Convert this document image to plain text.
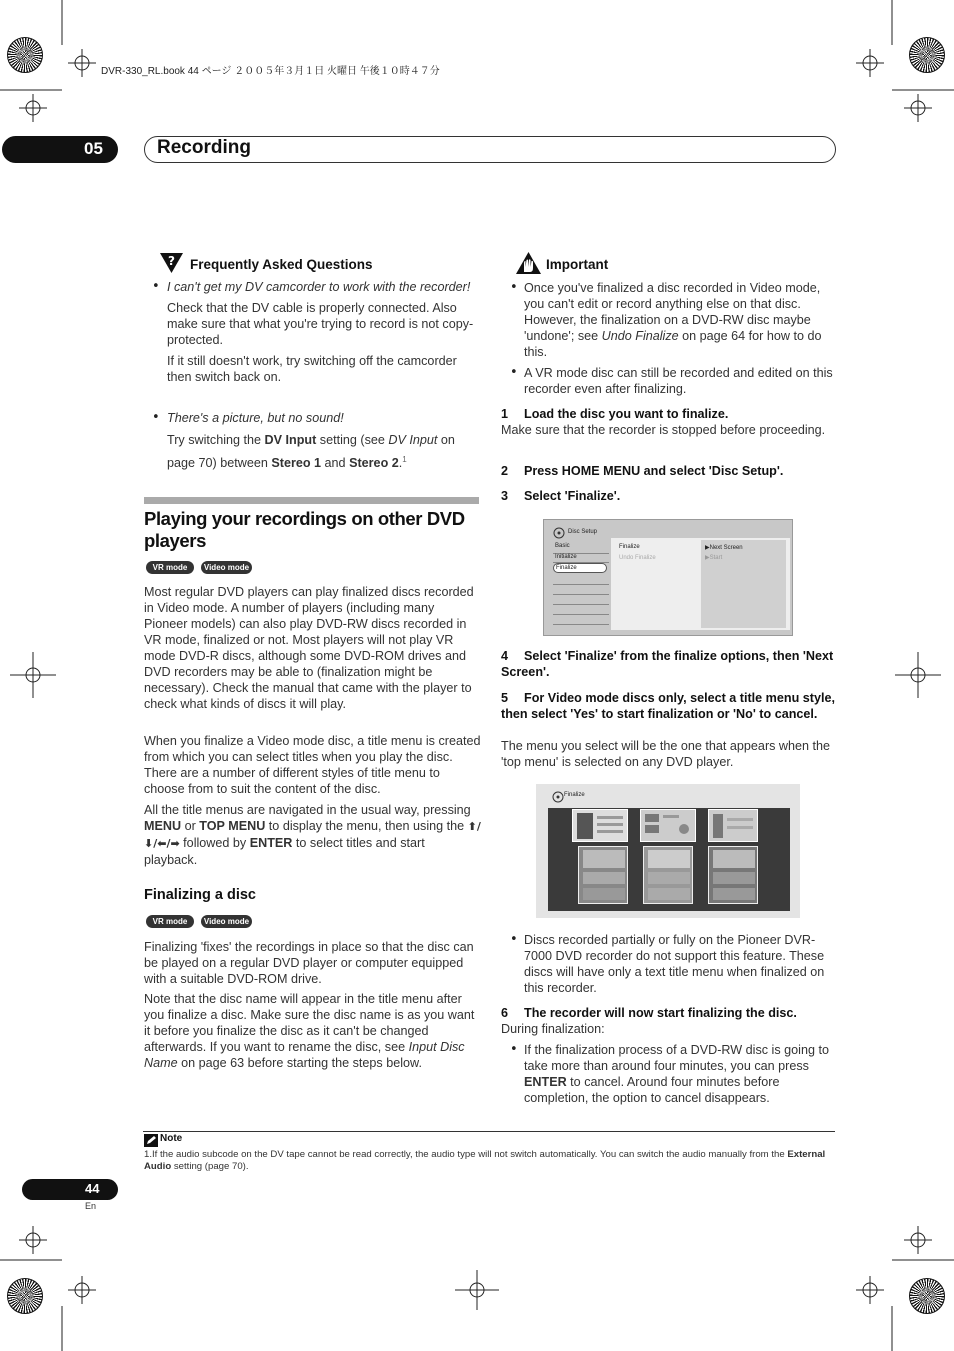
DVR-330_RL.book 44 ページ ２００５年３月１日 火曜日 午後１０時４７分
05	Recording
? Frequently Asked Questions
• I can't get my DV camcorder to work with the recorder!
Check that the DV cable is properly connected. Also make sure that what you're trying to record is not copy-protected.
If it still doesn't work, try switching off the camcorder then switch back on.
• There's a picture, but no sound!
Try switching the DV Input setting (see DV Input on page 70) between Stereo 1 and Stereo 2.$^1$
Playing your recordings on other DVD
players
VR mode	Video mode
Most regular DVD players can play finalized discs recorded in Video mode. A number of players (including many Pioneer models) can also play DVD-RW discs recorded in VR mode, finalized or not. Most players will not play VR mode DVD-R discs, although some DVD-ROM drives and DVD recorders may be able to (finalization might be necessary). Check the manual that came with the player to check what kinds of discs it will play.
When you finalize a Video mode disc, a title menu is created from which you can select titles when you play the disc. There are a number of different styles of title menu to choose from to suit the content of the disc.
All the title menus are navigated in the usual way, pressing MENU or TOP MENU to display the menu, then using the ⬆/⬇/⬅/➡ followed by ENTER to select titles and start playback.
Finalizing a disc
VR mode	Video mode
Finalizing 'fixes' the recordings in place so that the disc can be played on a regular DVD player or computer equipped with a suitable DVD-ROM drive.
Note that the disc name will appear in the title menu after you finalize a disc. Make sure the disc name is as you want it before you finalize the disc as it can't be changed afterwards. If you want to rename the disc, see Input Disc Name on page 63 before starting the steps below.
Important
• Once you've finalized a disc recorded in Video mode, you can't edit or record anything else on that disc. However, the finalization on a DVD-RW disc maybe 'undone'; see Undo Finalize on page 64 for how to do this.
• A VR mode disc can still be recorded and edited on this recorder even after finalizing.
1 Load the disc you want to finalize.
Make sure that the recorder is stopped before proceeding.
2 Press HOME MENU and select 'Disc Setup'.
3 Select 'Finalize'.
Disc Setup
Basic
Initialize
Finalize
Finalize
Undo Finalize
▶Next Screen
▶Start
4 Select 'Finalize' from the finalize options, then 'Next Screen'.
5 For Video mode discs only, select a title menu style, then select 'Yes' to start finalization or 'No' to cancel.
The menu you select will be the one that appears when the 'top menu' is selected on any DVD player.
Finalize
• Discs recorded partially or fully on the Pioneer DVR-7000 DVD recorder do not support this feature. These discs will have only a text title menu when finalized on this recorder.
6 The recorder will now start finalizing the disc.
During finalization:
• If the finalization process of a DVD-RW disc is going to take more than around four minutes, you can press ENTER to cancel. Around four minutes before completion, the option to cancel disappears.
Note
1.If the audio subcode on the DV tape cannot be read correctly, the audio type will not switch automatically. You can switch the audio manually from the External Audio setting (page 70).
44
En
